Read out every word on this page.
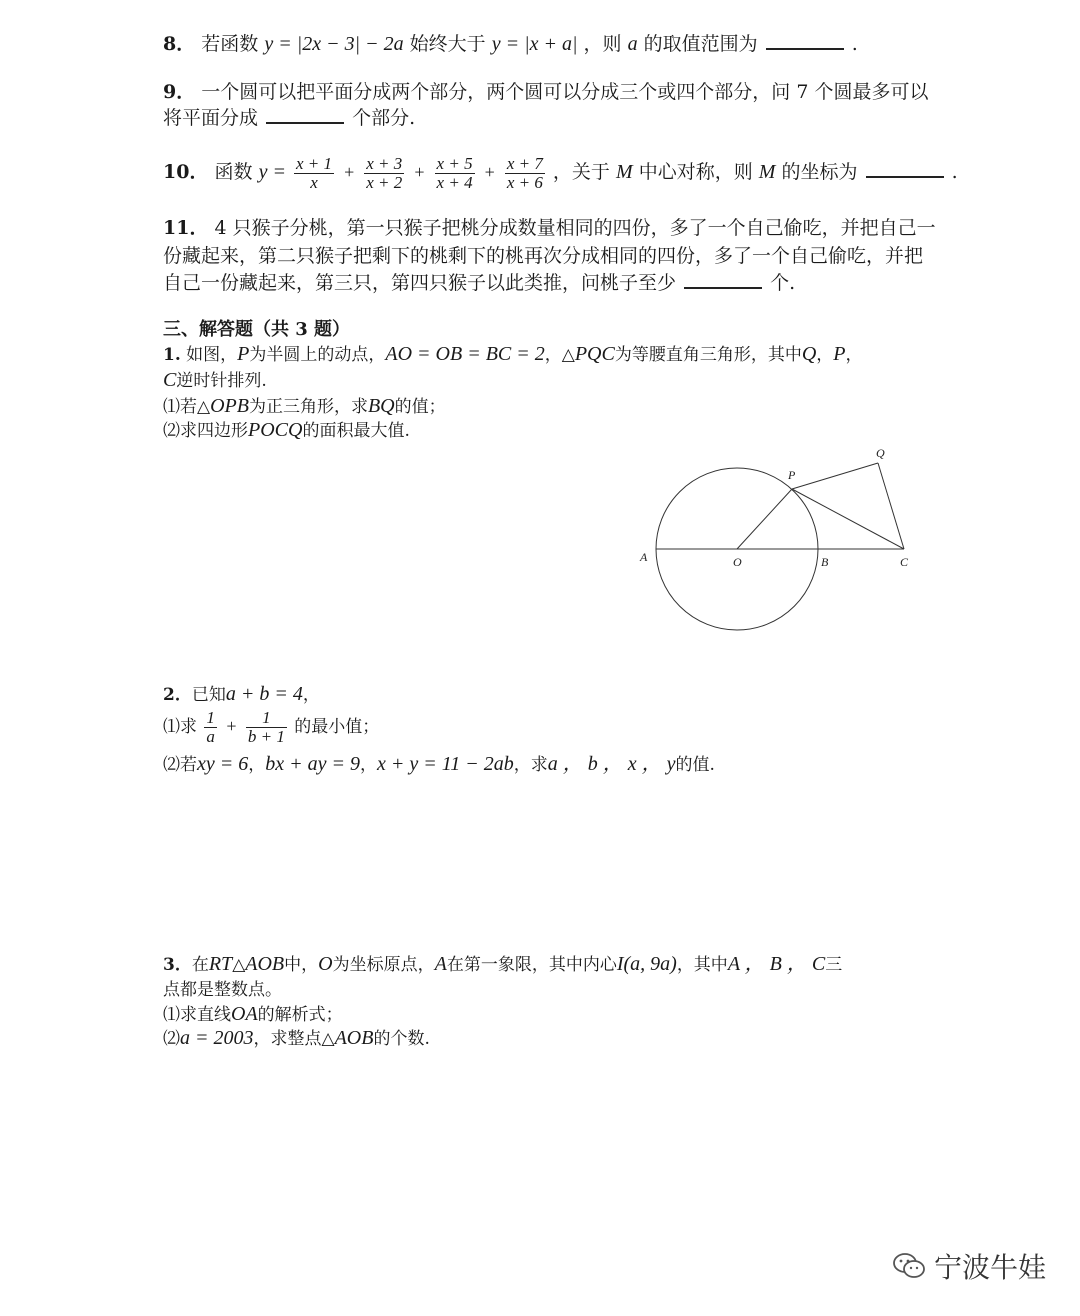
8． 若函数 y = |2x − 3| − 2a 始终大于 y = |x + a| ，则 a 的取值范围为	.
9． 一个圆可以把平面分成两个部分，两个圆可以分成三个或四个部分，问 7 个圆最多可以
将平面分成	个部分.
10． 函数 $y = \frac{x + 1}{x} + \frac{x + 3}{x + 2} + \frac{x + 5}{x + 4} + \frac{x + 7}{x + 6}$ ，关于 M 中心对称，则 M 的坐标为	.
11． 4 只猴子分桃，第一只猴子把桃分成数量相同的四份，多了一个自己偷吃，并把自己一
份藏起来，第二只猴子把剩下的桃剩下的桃再次分成相同的四份，多了一个自己偷吃，并把
自己一份藏起来，第三只，第四只猴子以此类推，问桃子至少	个.
三、解答题（共 3 题）
1. 如图，P为半圆上的动点，AO = OB = BC = 2，△PQC为等腰直角三角形，其中Q，P，
C逆时针排列.
⑴若△OPB为正三角形，求BQ的值；
⑵求四边形POCQ的面积最大值.
A	O	B	C
P
Q
2．已知a + b = 4，
⑴求 $\frac{1}{a} + \frac{1}{b + 1}$ 的最小值；
⑵若xy = 6，bx + ay = 9，x + y = 11 − 2ab，求a ， b ， x ， y的值.
3．在RT△AOB中，O为坐标原点，A在第一象限，其中内心I(a, 9a)，其中A ， B ， C三
点都是整数点。
⑴求直线OA的解析式；
⑵a = 2003，求整点△AOB的个数.
宁波牛娃
